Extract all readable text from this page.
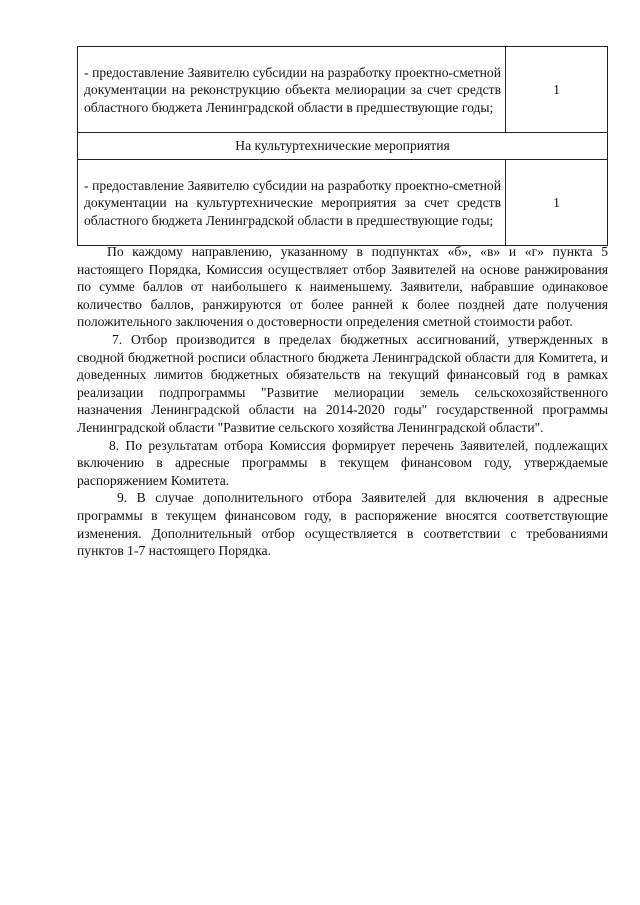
- предоставление Заявителю субсидии на разработку проектно-сметной документации на реконструкцию объекта мелиорации за счет средств областного бюджета Ленинградской области в предшествующие годы;	1
На культуртехнические мероприятия	
- предоставление Заявителю субсидии на разработку проектно-сметной документации на культуртехнические мероприятия за счет средств областного бюджета Ленинградской области в предшествующие годы;	1

По каждому направлению, указанному в подпунктах «б», «в» и «г» пункта 5 настоящего Порядка, Комиссия осуществляет отбор Заявителей на основе ранжирования по сумме баллов от наибольшего к наименьшему. Заявители, набравшие одинаковое количество баллов, ранжируются от более ранней к более поздней дате получения положительного заключения о достоверности определения сметной стоимости работ.

7. Отбор производится в пределах бюджетных ассигнований, утвержденных в сводной бюджетной росписи областного бюджета Ленинградской области для Комитета, и доведенных лимитов бюджетных обязательств на текущий финансовый год в рамках реализации подпрограммы "Развитие мелиорации земель сельскохозяйственного назначения Ленинградской области на 2014-2020 годы" государственной программы Ленинградской области "Развитие сельского хозяйства Ленинградской области".

8. По результатам отбора Комиссия формирует перечень Заявителей, подлежащих включению в адресные программы в текущем финансовом году, утверждаемые распоряжением Комитета.

9. В случае дополнительного отбора Заявителей для включения в адресные программы в текущем финансовом году, в распоряжение вносятся соответствующие изменения. Дополнительный отбор осуществляется в соответствии с требованиями пунктов 1-7 настоящего Порядка.
